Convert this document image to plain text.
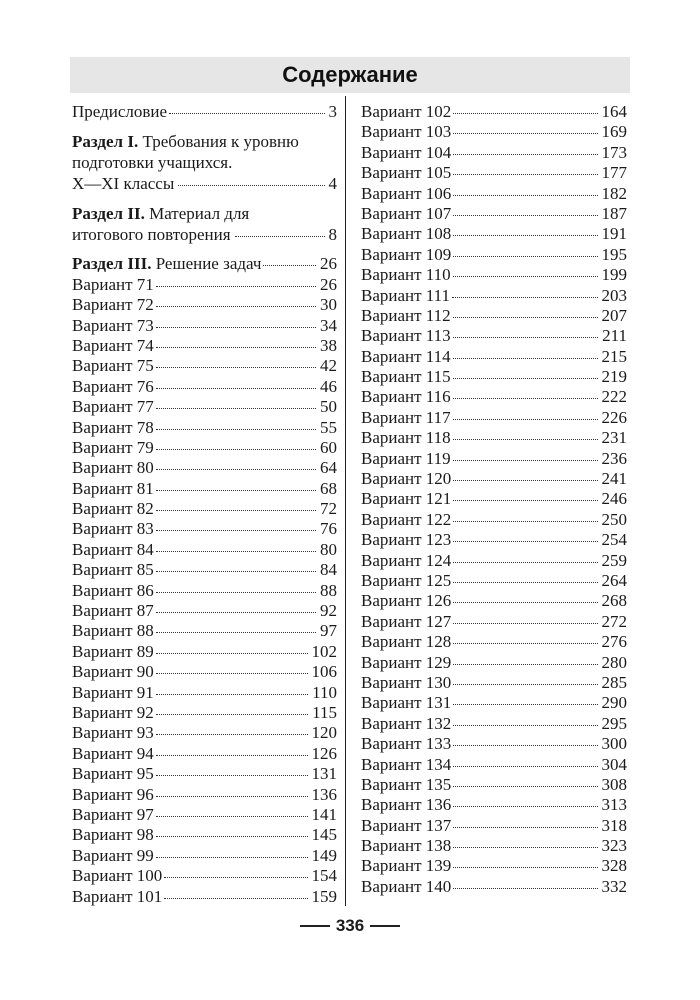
Содержание
Предисловие	3
Раздел I. Требования к уровню
подготовки учащихся.
X—XI классы	4
Раздел II. Материал для
итогового повторения	8
Раздел III. Решение задач	26
Вариант 71	26
Вариант 72	30
Вариант 73	34
Вариант 74	38
Вариант 75	42
Вариант 76	46
Вариант 77	50
Вариант 78	55
Вариант 79	60
Вариант 80	64
Вариант 81	68
Вариант 82	72
Вариант 83	76
Вариант 84	80
Вариант 85	84
Вариант 86	88
Вариант 87	92
Вариант 88	97
Вариант 89	102
Вариант 90	106
Вариант 91	110
Вариант 92	115
Вариант 93	120
Вариант 94	126
Вариант 95	131
Вариант 96	136
Вариант 97	141
Вариант 98	145
Вариант 99	149
Вариант 100	154
Вариант 101	159
Вариант 102	164
Вариант 103	169
Вариант 104	173
Вариант 105	177
Вариант 106	182
Вариант 107	187
Вариант 108	191
Вариант 109	195
Вариант 110	199
Вариант 111	203
Вариант 112	207
Вариант 113	211
Вариант 114	215
Вариант 115	219
Вариант 116	222
Вариант 117	226
Вариант 118	231
Вариант 119	236
Вариант 120	241
Вариант 121	246
Вариант 122	250
Вариант 123	254
Вариант 124	259
Вариант 125	264
Вариант 126	268
Вариант 127	272
Вариант 128	276
Вариант 129	280
Вариант 130	285
Вариант 131	290
Вариант 132	295
Вариант 133	300
Вариант 134	304
Вариант 135	308
Вариант 136	313
Вариант 137	318
Вариант 138	323
Вариант 139	328
Вариант 140	332
336
